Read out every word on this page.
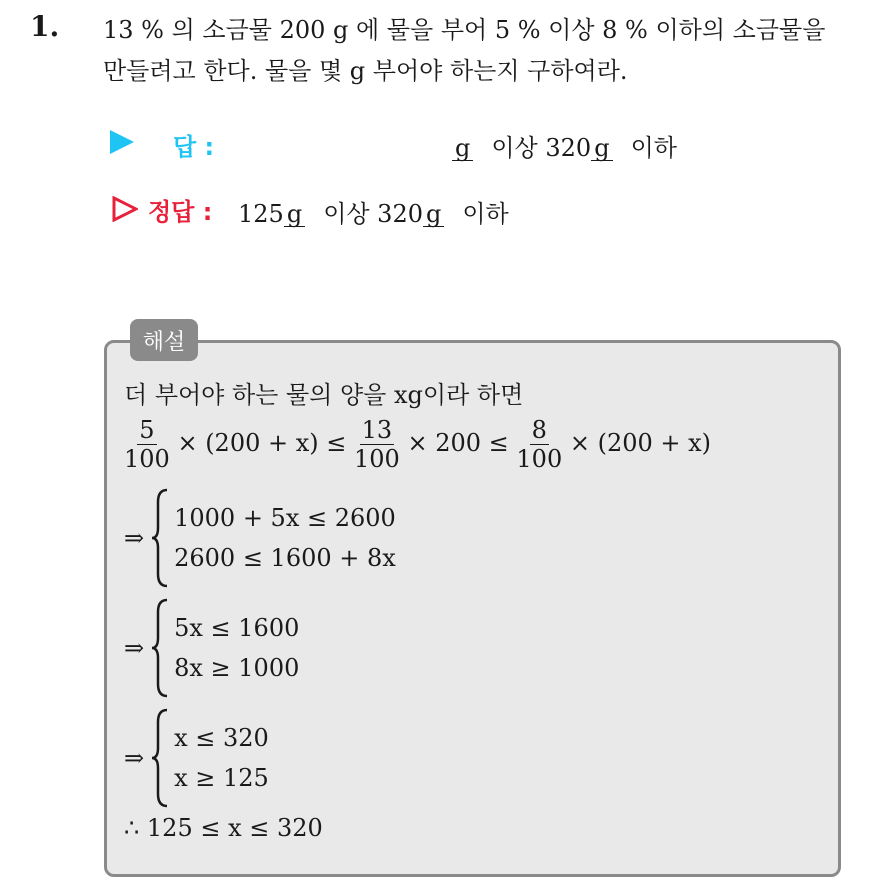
1. 13 % 의 소금물 200 g 에 물을 부어 5 % 이상 8 % 이하의 소금물을
만들려고 한다. 물을 몇 g 부어야 하는지 구하여라.
답 :	g 이상 320 g 이하
정답 : 125 g 이상 320 g 이하
해설
더 부어야 하는 물의 양을 xg이라 하면
$\frac{5}{100} \times (200 + x) \le \frac{13}{100} \times 200 \le \frac{8}{100} \times (200 + x)$
⇒
1000 + 5x ≤ 2600
2600 ≤ 1600 + 8x
⇒
5x ≤ 1600
8x ≥ 1000
⇒
x ≤ 320
x ≥ 125
∴ 125 ≤ x ≤ 320
